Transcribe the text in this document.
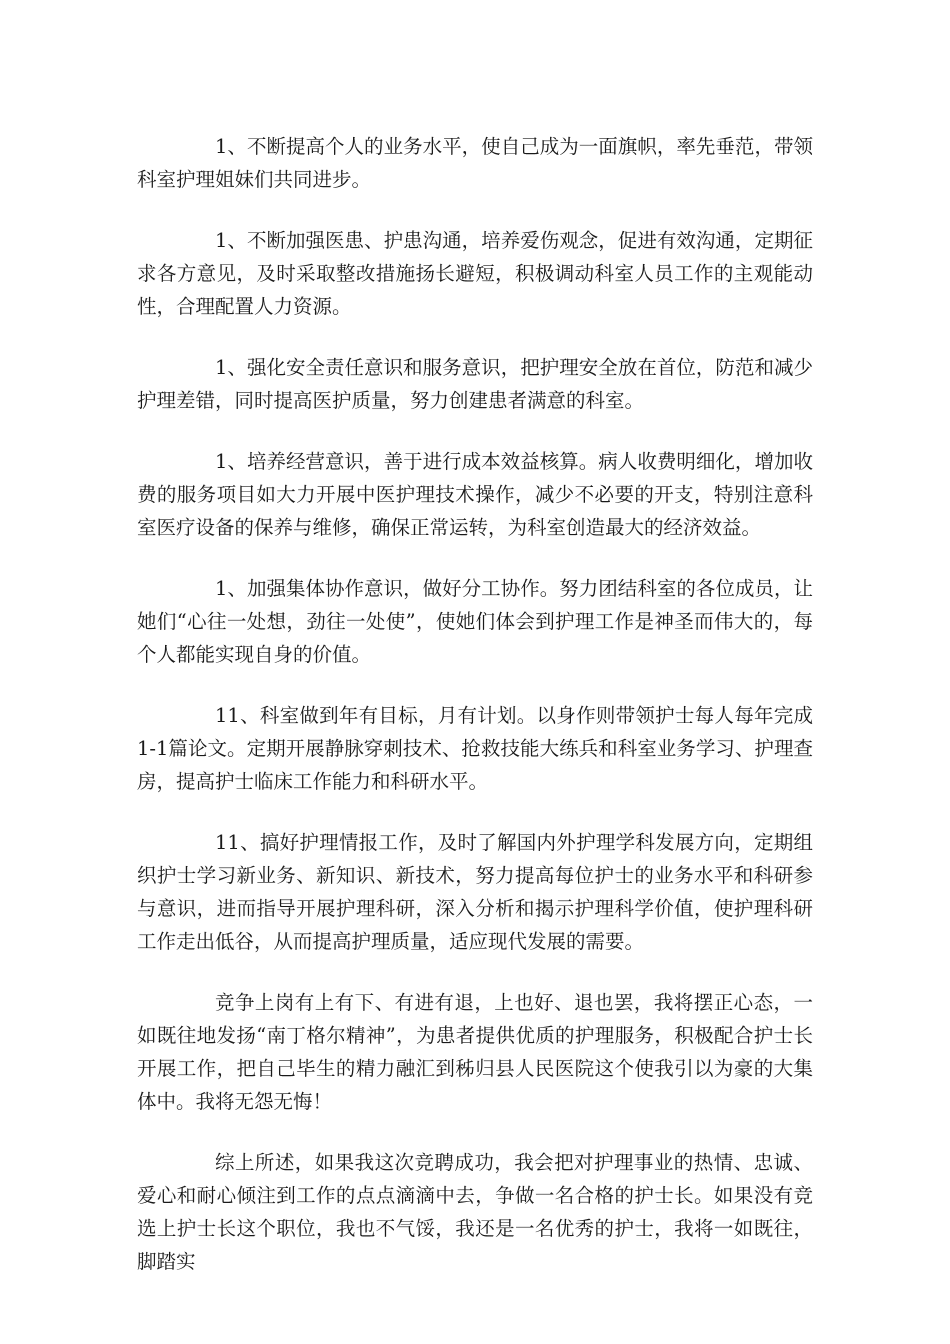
1、不断提高个人的业务水平，使自己成为一面旗帜，率先垂范，带领科室护理姐妹们共同进步。

1、不断加强医患、护患沟通，培养爱伤观念，促进有效沟通，定期征求各方意见，及时采取整改措施扬长避短，积极调动科室人员工作的主观能动性，合理配置人力资源。

1、强化安全责任意识和服务意识，把护理安全放在首位，防范和减少护理差错，同时提高医护质量，努力创建患者满意的科室。

1、培养经营意识，善于进行成本效益核算。病人收费明细化，增加收费的服务项目如大力开展中医护理技术操作，减少不必要的开支，特别注意科室医疗设备的保养与维修，确保正常运转，为科室创造最大的经济效益。

1、加强集体协作意识，做好分工协作。努力团结科室的各位成员，让她们“心往一处想，劲往一处使”，使她们体会到护理工作是神圣而伟大的，每个人都能实现自身的价值。

11、科室做到年有目标，月有计划。以身作则带领护士每人每年完成1-1篇论文。定期开展静脉穿刺技术、抢救技能大练兵和科室业务学习、护理查房，提高护士临床工作能力和科研水平。

11、搞好护理情报工作，及时了解国内外护理学科发展方向，定期组织护士学习新业务、新知识、新技术，努力提高每位护士的业务水平和科研参与意识，进而指导开展护理科研，深入分析和揭示护理科学价值，使护理科研工作走出低谷，从而提高护理质量，适应现代发展的需要。

竞争上岗有上有下、有进有退，上也好、退也罢，我将摆正心态，一如既往地发扬“南丁格尔精神”，为患者提供优质的护理服务，积极配合护士长开展工作，把自己毕生的精力融汇到秭归县人民医院这个使我引以为豪的大集体中。我将无怨无悔！

综上所述，如果我这次竞聘成功，我会把对护理事业的热情、忠诚、爱心和耐心倾注到工作的点点滴滴中去，争做一名合格的护士长。如果没有竞选上护士长这个职位，我也不气馁，我还是一名优秀的护士，我将一如既往，脚踏实
